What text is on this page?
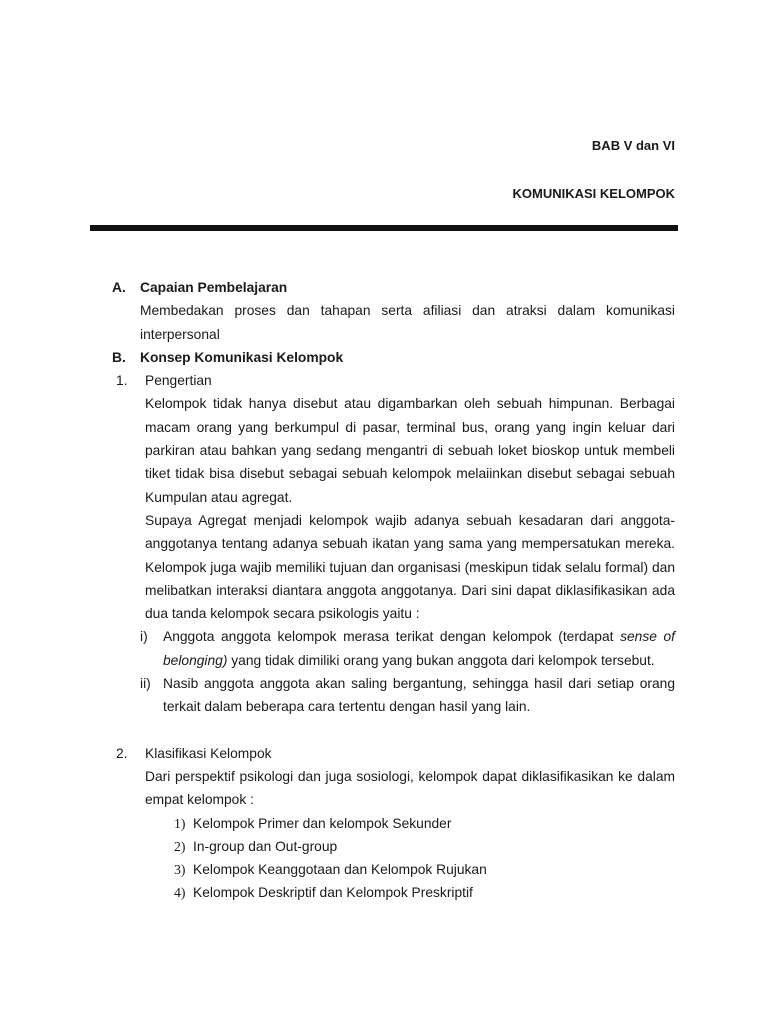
BAB V dan VI
KOMUNIKASI KELOMPOK
A. Capaian Pembelajaran
Membedakan proses dan tahapan serta afiliasi dan atraksi dalam komunikasi interpersonal
B. Konsep Komunikasi Kelompok
1. Pengertian
Kelompok tidak hanya disebut atau digambarkan oleh sebuah himpunan. Berbagai macam orang yang berkumpul di pasar, terminal bus, orang yang ingin keluar dari parkiran atau bahkan yang sedang mengantri di sebuah loket bioskop untuk membeli tiket tidak bisa disebut sebagai sebuah kelompok melaiinkan disebut sebagai sebuah Kumpulan atau agregat.
Supaya Agregat menjadi kelompok wajib adanya sebuah kesadaran dari anggota-anggotanya tentang adanya sebuah ikatan yang sama yang mempersatukan mereka. Kelompok juga wajib memiliki tujuan dan organisasi (meskipun tidak selalu formal) dan melibatkan interaksi diantara anggota anggotanya. Dari sini dapat diklasifikasikan ada dua tanda kelompok secara psikologis yaitu :
i) Anggota anggota kelompok merasa terikat dengan kelompok (terdapat sense of belonging) yang tidak dimiliki orang yang bukan anggota dari kelompok tersebut.
ii) Nasib anggota anggota akan saling bergantung, sehingga hasil dari setiap orang terkait dalam beberapa cara tertentu dengan hasil yang lain.
2. Klasifikasi Kelompok
Dari perspektif psikologi dan juga sosiologi, kelompok dapat diklasifikasikan ke dalam empat kelompok :
1) Kelompok Primer dan kelompok Sekunder
2) In-group dan Out-group
3) Kelompok Keanggotaan dan Kelompok Rujukan
4) Kelompok Deskriptif dan Kelompok Preskriptif
